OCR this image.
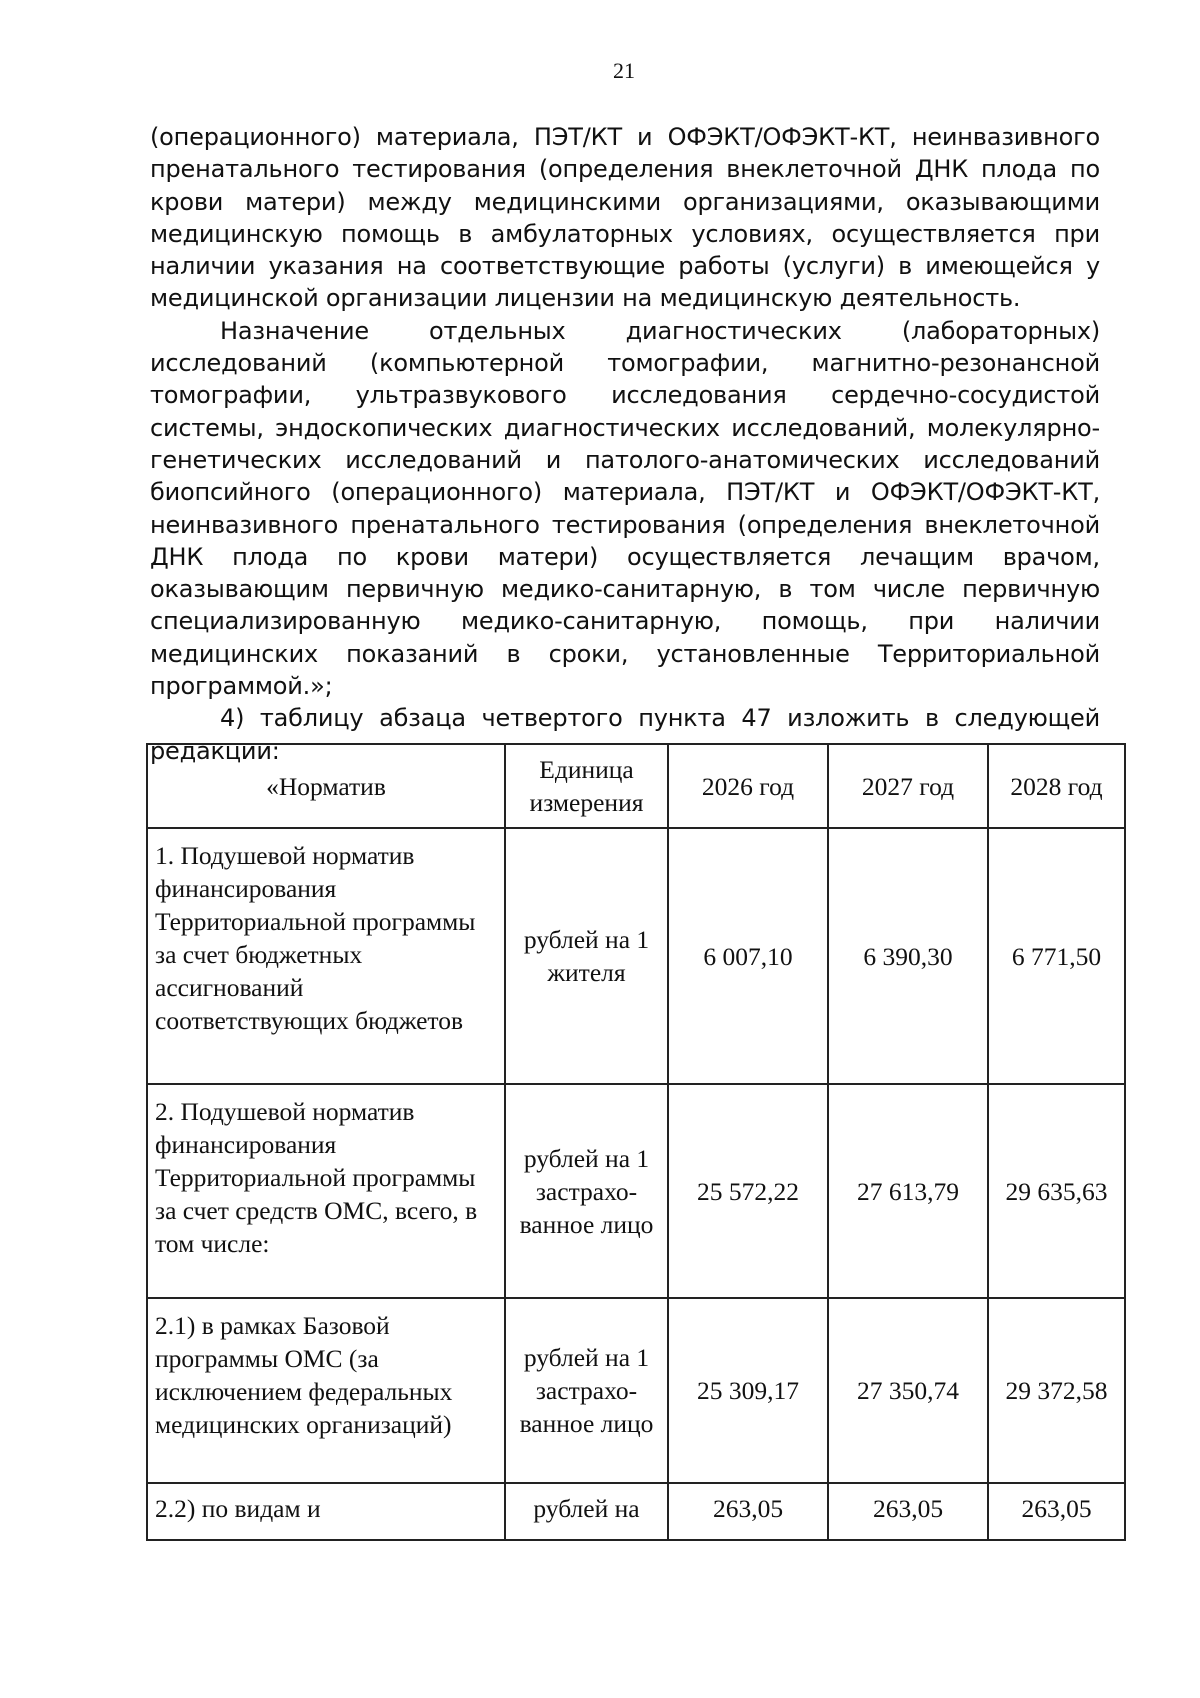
21

(операционного) материала, ПЭТ/КТ и ОФЭКТ/ОФЭКТ-КТ, неинвазивного пренатального тестирования (определения внеклеточной ДНК плода по крови матери) между медицинскими организациями, оказывающими медицинскую помощь в амбулаторных условиях, осуществляется при наличии указания на соответствующие работы (услуги) в имеющейся у медицинской организации лицензии на медицинскую деятельность.

Назначение отдельных диагностических (лабораторных) исследований (компьютерной томографии, магнитно-резонансной томографии, ультразвукового исследования сердечно-сосудистой системы, эндоскопических диагностических исследований, молекулярно-генетических исследований и патолого-анатомических исследований биопсийного (операционного) материала, ПЭТ/КТ и ОФЭКТ/ОФЭКТ-КТ, неинвазивного пренатального тестирования (определения внеклеточной ДНК плода по крови матери) осуществляется лечащим врачом, оказывающим первичную медико-санитарную, в том числе первичную специализированную медико-санитарную, помощь, при наличии медицинских показаний в сроки, установленные Территориальной программой.»;

4) таблицу абзаца четвертого пункта 47 изложить в следующей редакции:

«Норматив	Единица измерения	2026 год	2027 год	2028 год
1. Подушевой норматив финансирования Территориальной программы за счет бюджетных ассигнований соответствующих бюджетов	рублей на 1 жителя	6 007,10	6 390,30	6 771,50
2. Подушевой норматив финансирования Территориальной программы за счет средств ОМС, всего, в том числе:	рублей на 1 застрахо-ванное лицо	25 572,22	27 613,79	29 635,63
2.1) в рамках Базовой программы ОМС (за исключением федеральных медицинских организаций)	рублей на 1 застрахо-ванное лицо	25 309,17	27 350,74	29 372,58
2.2) по видам и	рублей на	263,05	263,05	263,05
